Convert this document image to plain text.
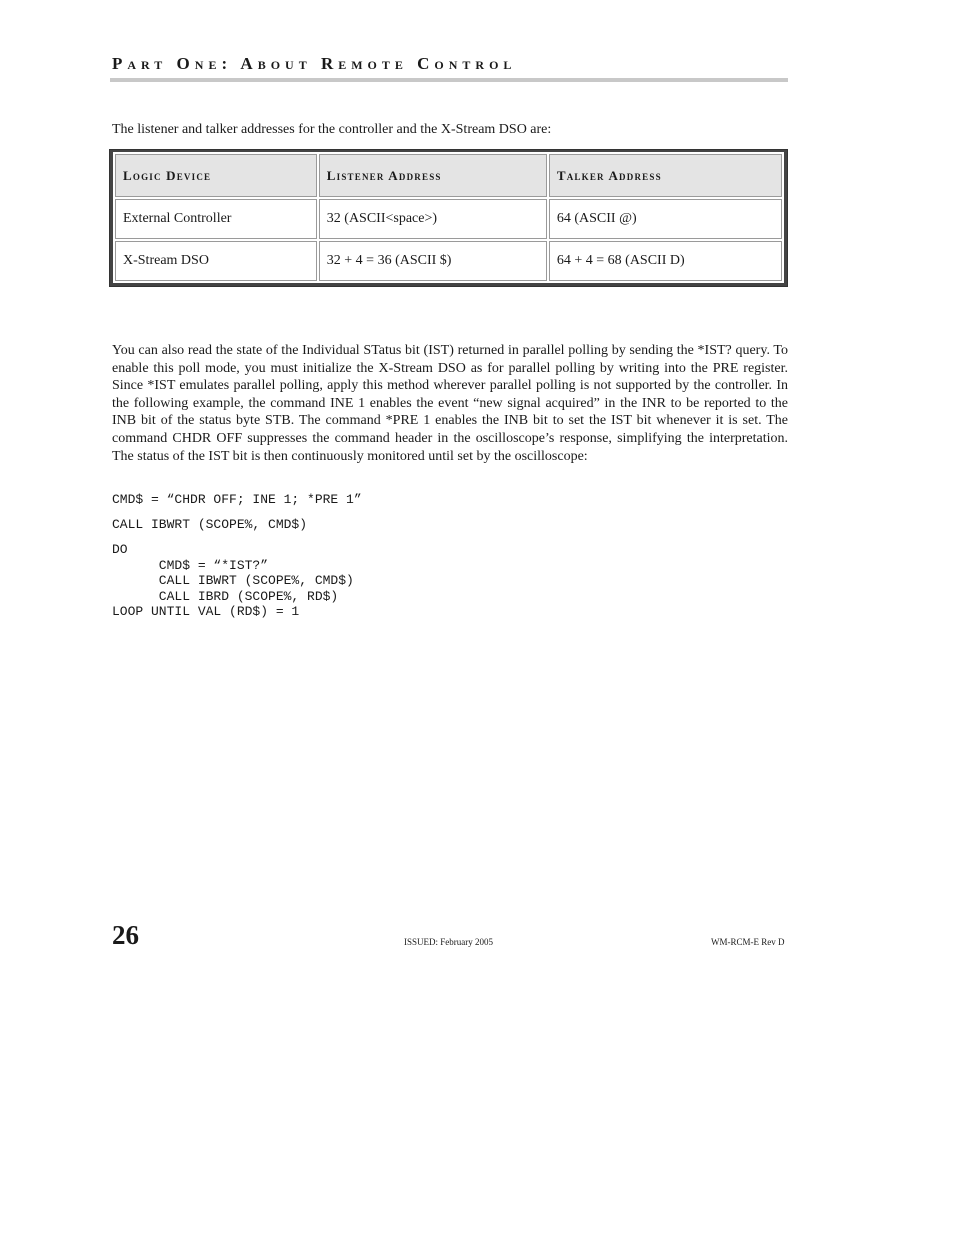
Part One: About Remote Control
The listener and talker addresses for the controller and the X-Stream DSO are:
Logic Device	Listener Address	Talker Address
External Controller	32 (ASCII<space>)	64 (ASCII @)
X-Stream DSO	32 + 4 = 36 (ASCII $)	64 + 4 = 68 (ASCII D)
You can also read the state of the Individual STatus bit (IST) returned in parallel polling by sending the *IST? query. To enable this poll mode, you must initialize the X-Stream DSO as for parallel polling by writing into the PRE register. Since *IST emulates parallel polling, apply this method wherever parallel polling is not supported by the controller. In the following example, the command INE 1 enables the event “new signal acquired” in the INR to be reported to the INB bit of the status byte STB. The command *PRE 1 enables the INB bit to set the IST bit whenever it is set. The command CHDR OFF suppresses the command header in the oscilloscope’s response, simplifying the interpretation. The status of the IST bit is then continuously monitored until set by the oscilloscope:
CMD$ = “CHDR OFF; INE 1; *PRE 1”
CALL IBWRT (SCOPE%, CMD$)
DO
CMD$ = “*IST?”
CALL IBWRT (SCOPE%, CMD$)
CALL IBRD (SCOPE%, RD$)
LOOP UNTIL VAL (RD$) = 1
26	ISSUED: February 2005	WM-RCM-E Rev D
